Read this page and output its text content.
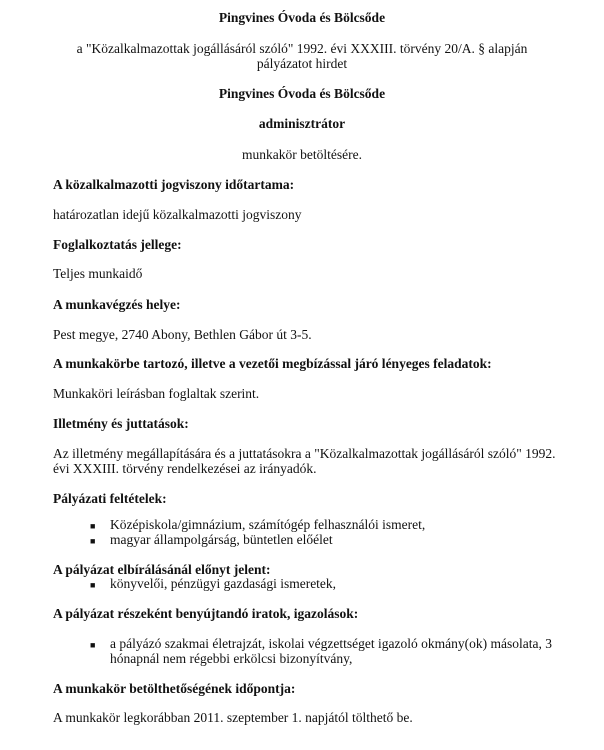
Pingvines Óvoda és Bölcsőde
a "Közalkalmazottak jogállásáról szóló" 1992. évi XXXIII. törvény 20/A. § alapján
pályázatot hirdet
Pingvines Óvoda és Bölcsőde
adminisztrátor
munkakör betöltésére.
A közalkalmazotti jogviszony időtartama:
határozatlan idejű közalkalmazotti jogviszony
Foglalkoztatás jellege:
Teljes munkaidő
A munkavégzés helye:
Pest megye, 2740 Abony, Bethlen Gábor út 3-5.
A munkakörbe tartozó, illetve a vezetői megbízással járó lényeges feladatok:
Munkaköri leírásban foglaltak szerint.
Illetmény és juttatások:
Az illetmény megállapítására és a juttatásokra a "Közalkalmazottak jogállásáról szóló" 1992.
évi XXXIII. törvény rendelkezései az irányadók.
Pályázati feltételek:
■ Középiskola/gimnázium, számítógép felhasználói ismeret,
■ magyar állampolgárság, büntetlen előélet
A pályázat elbírálásánál előnyt jelent:
■ könyvelői, pénzügyi gazdasági ismeretek,
A pályázat részeként benyújtandó iratok, igazolások:
■ a pályázó szakmai életrajzát, iskolai végzettséget igazoló okmány(ok) másolata, 3
hónapnál nem régebbi erkölcsi bizonyítvány,
A munkakör betölthetőségének időpontja:
A munkakör legkorábban 2011. szeptember 1. napjától tölthető be.
